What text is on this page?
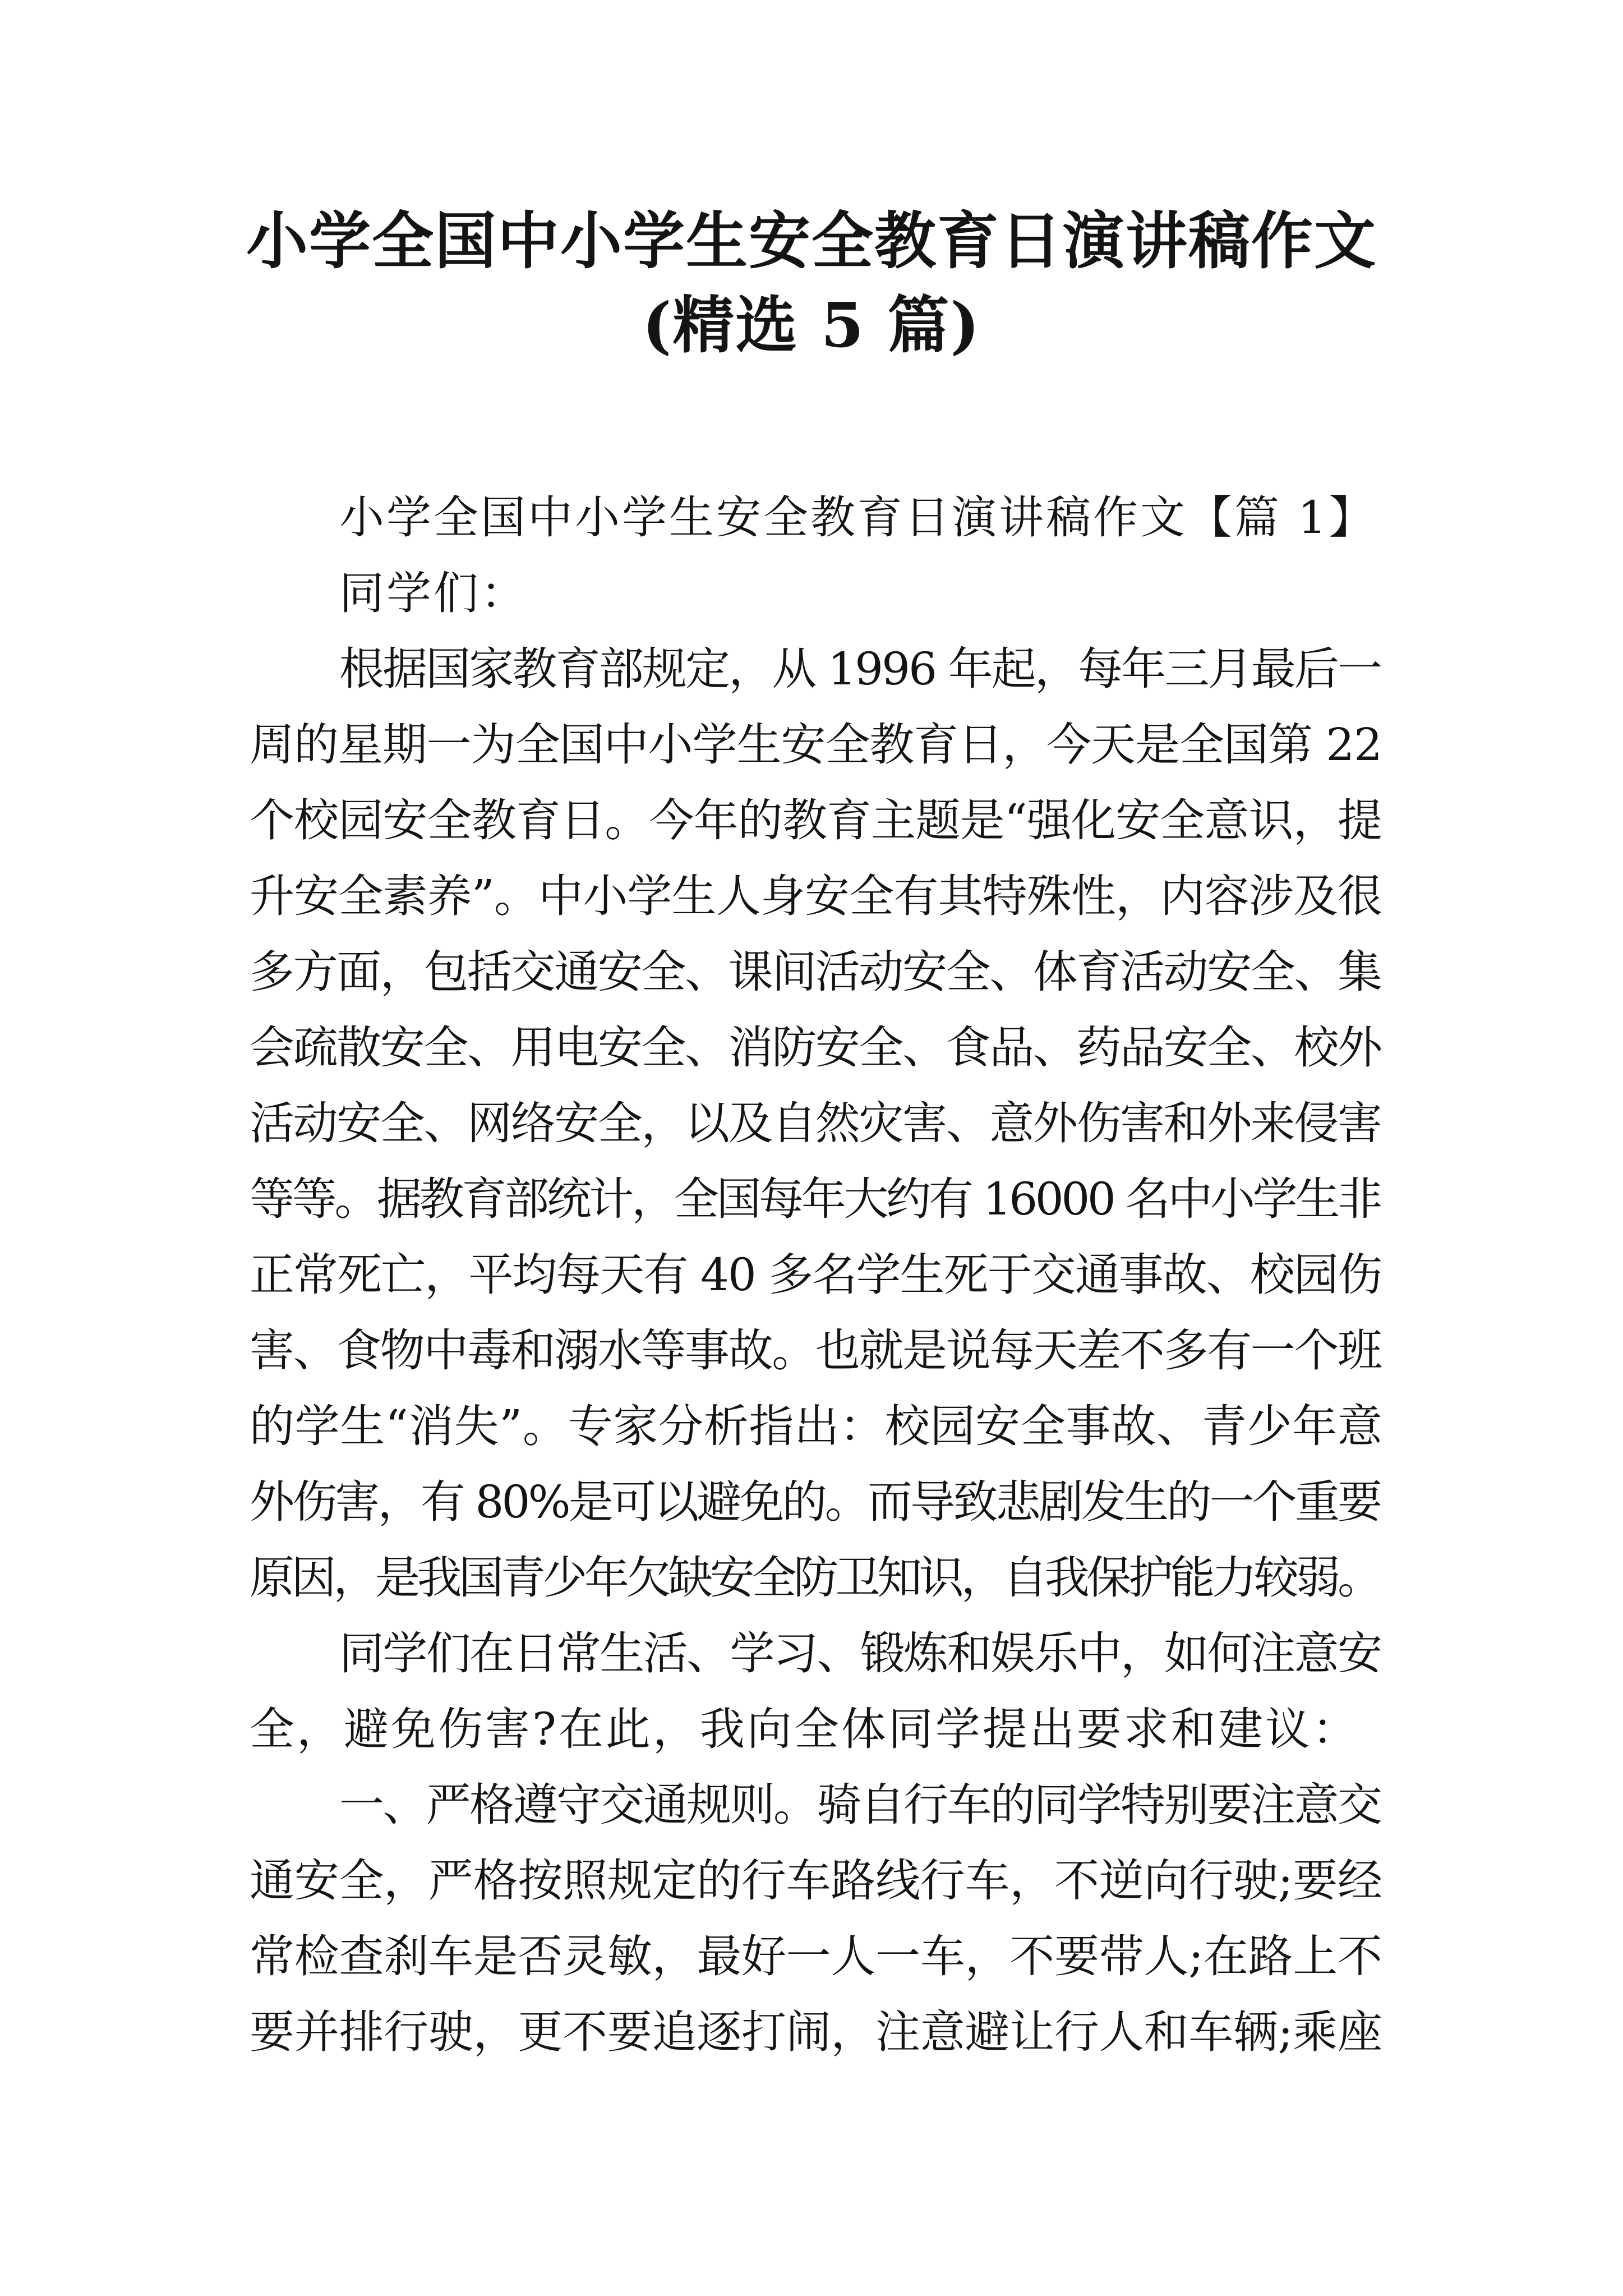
小学全国中小学生安全教育日演讲稿作文
(精选 5 篇)

小学全国中小学生安全教育日演讲稿作文【篇 1】

同学们：

根据国家教育部规定，从 1996 年起，每年三月最后一

周的星期一为全国中小学生安全教育日，今天是全国第 22

个校园安全教育日。今年的教育主题是“强化安全意识，提

升安全素养”。中小学生人身安全有其特殊性，内容涉及很

多方面，包括交通安全、课间活动安全、体育活动安全、集

会疏散安全、用电安全、消防安全、食品、药品安全、校外

活动安全、网络安全，以及自然灾害、意外伤害和外来侵害

等等。据教育部统计，全国每年大约有 16000 名中小学生非

正常死亡，平均每天有 40 多名学生死于交通事故、校园伤

害、食物中毒和溺水等事故。也就是说每天差不多有一个班

的学生“消失”。专家分析指出：校园安全事故、青少年意

外伤害，有 80%是可以避免的。而导致悲剧发生的一个重要

原因，是我国青少年欠缺安全防卫知识，自我保护能力较弱。

同学们在日常生活、学习、锻炼和娱乐中，如何注意安

全，避免伤害?在此，我向全体同学提出要求和建议：

一、严格遵守交通规则。骑自行车的同学特别要注意交

通安全，严格按照规定的行车路线行车，不逆向行驶;要经

常检查刹车是否灵敏，最好一人一车，不要带人;在路上不

要并排行驶，更不要追逐打闹，注意避让行人和车辆;乘座
